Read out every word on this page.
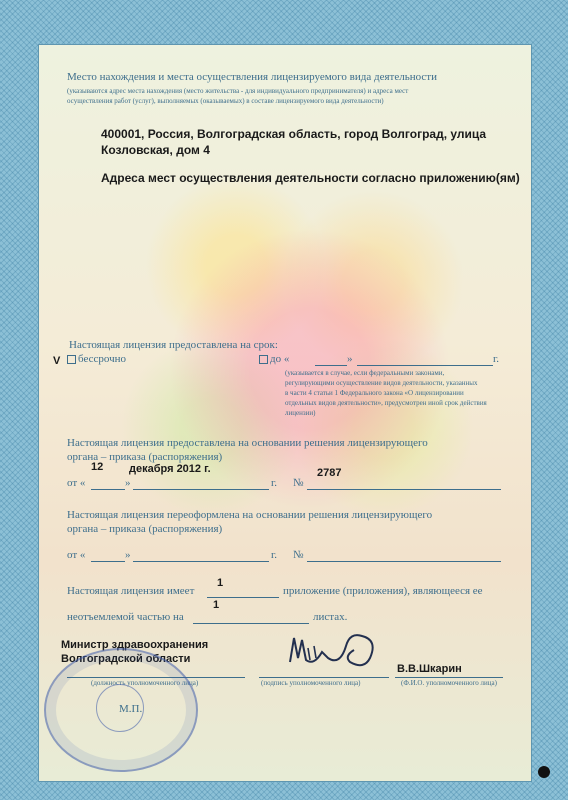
Место нахождения и места осуществления лицензируемого вида деятельности
(указываются адрес места нахождения (место жительства - для индивидуального предпринимателя) и адреса мест
осуществления работ (услуг), выполняемых (оказываемых) в составе лицензируемого вида деятельности)
400001, Россия, Волгоградская область, город Волгоград, улица
Козловская, дом 4
Адреса мест осуществления деятельности согласно приложению(ям)
Настоящая лицензия предоставлена на срок:
V	бессрочно	до «	»	г.
(указывается в случае, если федеральными законами,
регулирующими осуществление видов деятельности, указанных
в части 4 статьи 1 Федерального закона «О лицензировании
отдельных видов деятельности», предусмотрен иной срок действия
лицензии)
Настоящая лицензия предоставлена на основании решения лицензирующего
органа – приказа (распоряжения)
от «
12
»
декабря 2012 г.
г. №
2787
Настоящая лицензия переоформлена на основании решения лицензирующего
органа – приказа (распоряжения)
от «	»	г. №
Настоящая лицензия имеет
1
приложение (приложения), являющееся ее
неотъемлемой частью на
1
листах.
Министр здравоохранения
Волгоградской области
(должность уполномоченного лица)	(подпись уполномоченного лица)
В.В.Шкарин
(Ф.И.О. уполномоченного лица)
М.П.
